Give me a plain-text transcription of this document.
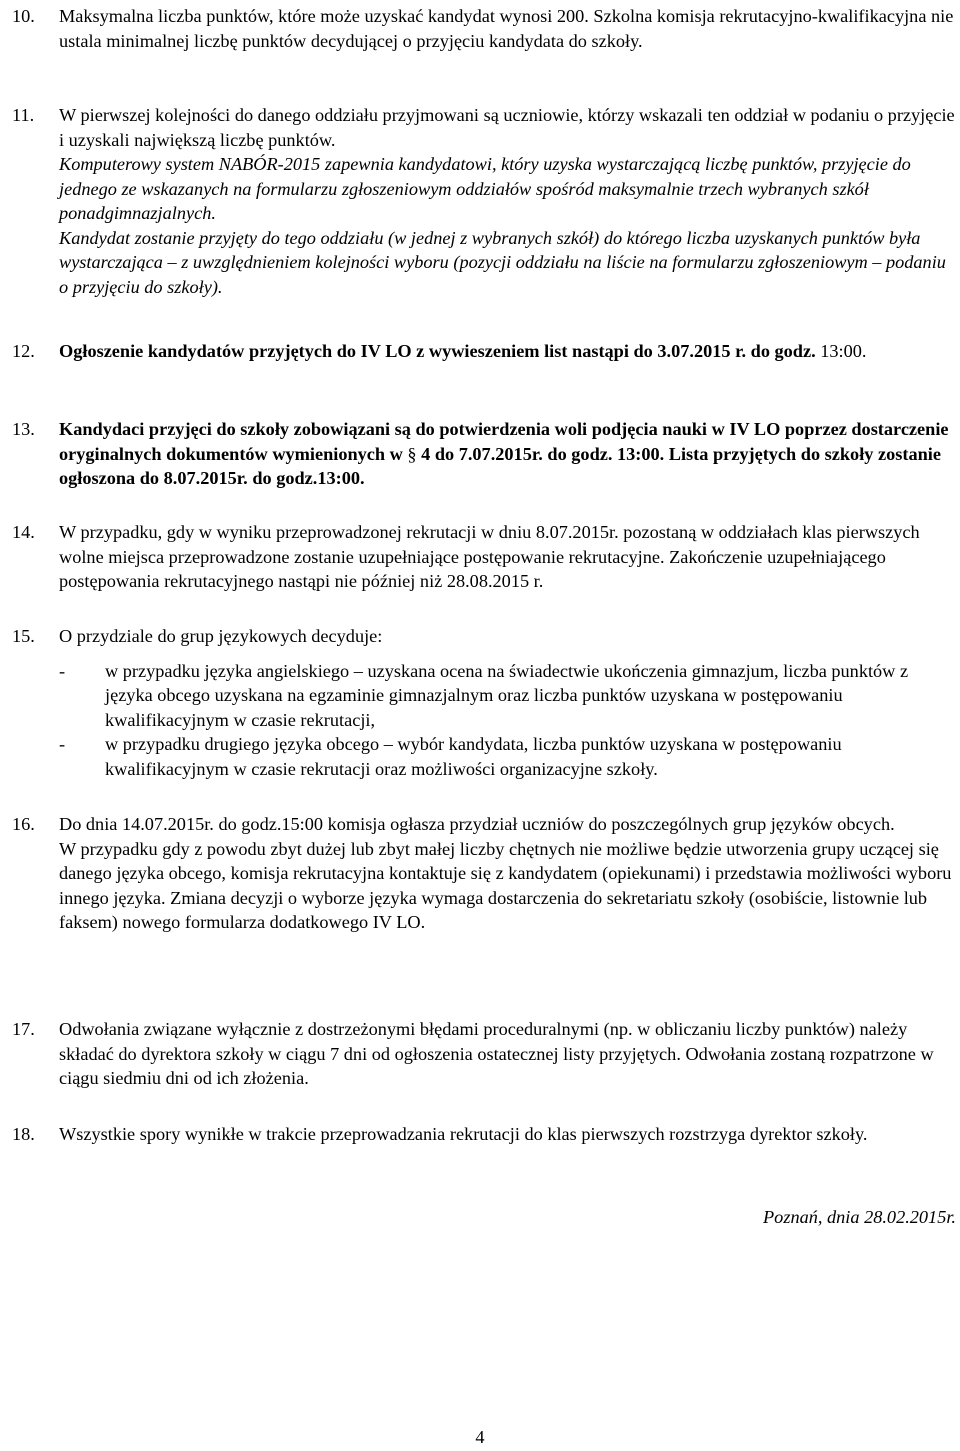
10. Maksymalna liczba punktów, które może uzyskać kandydat wynosi 200. Szkolna komisja rekrutacyjno-kwalifikacyjna nie ustala minimalnej liczbę punktów decydującej o przyjęciu kandydata do szkoły.

11. W pierwszej kolejności do danego oddziału przyjmowani są uczniowie, którzy wskazali ten oddział w podaniu o przyjęcie i uzyskali największą liczbę punktów.

Komputerowy system NABÓR-2015 zapewnia kandydatowi, który uzyska wystarczającą liczbę punktów, przyjęcie do jednego ze wskazanych na formularzu zgłoszeniowym oddziałów spośród maksymalnie trzech wybranych szkół ponadgimnazjalnych.

Kandydat zostanie przyjęty do tego oddziału (w jednej z wybranych szkół) do którego liczba uzyskanych punktów była wystarczająca – z uwzględnieniem kolejności wyboru (pozycji oddziału na liście na formularzu zgłoszeniowym – podaniu o przyjęciu do szkoły).

12. Ogłoszenie kandydatów przyjętych do IV LO z wywieszeniem list nastąpi do 3.07.2015 r. do godz. 13:00.

13. Kandydaci przyjęci do szkoły zobowiązani są do potwierdzenia woli podjęcia nauki w IV LO poprzez dostarczenie oryginalnych dokumentów wymienionych w § 4 do 7.07.2015r. do godz. 13:00. Lista przyjętych do szkoły zostanie ogłoszona do 8.07.2015r. do godz.13:00.

14. W przypadku, gdy w wyniku przeprowadzonej rekrutacji w dniu 8.07.2015r. pozostaną w oddziałach klas pierwszych wolne miejsca przeprowadzone zostanie uzupełniające postępowanie rekrutacyjne. Zakończenie uzupełniającego postępowania rekrutacyjnego nastąpi nie później niż 28.08.2015 r.

15. O przydziale do grup językowych decyduje:

- w przypadku języka angielskiego – uzyskana ocena na świadectwie ukończenia gimnazjum, liczba punktów z języka obcego uzyskana na egzaminie gimnazjalnym oraz liczba punktów uzyskana w postępowaniu kwalifikacyjnym w czasie rekrutacji,

- w przypadku drugiego języka obcego – wybór kandydata, liczba punktów uzyskana w postępowaniu kwalifikacyjnym w czasie rekrutacji oraz możliwości organizacyjne szkoły.

16. Do dnia 14.07.2015r. do godz.15:00 komisja ogłasza przydział uczniów do poszczególnych grup języków obcych.

W przypadku gdy z powodu zbyt dużej lub zbyt małej liczby chętnych nie możliwe będzie utworzenia grupy uczącej się danego języka obcego, komisja rekrutacyjna kontaktuje się z kandydatem (opiekunami) i przedstawia możliwości wyboru innego języka. Zmiana decyzji o wyborze języka wymaga dostarczenia do sekretariatu szkoły (osobiście, listownie lub faksem) nowego formularza dodatkowego IV LO.

17. Odwołania związane wyłącznie z dostrzeżonymi błędami proceduralnymi (np. w obliczaniu liczby punktów) należy składać do dyrektora szkoły w ciągu 7 dni od ogłoszenia ostatecznej listy przyjętych. Odwołania zostaną rozpatrzone w ciągu siedmiu dni od ich złożenia.

18. Wszystkie spory wynikłe w trakcie przeprowadzania rekrutacji do klas pierwszych rozstrzyga dyrektor szkoły.

Poznań, dnia 28.02.2015r.
4
